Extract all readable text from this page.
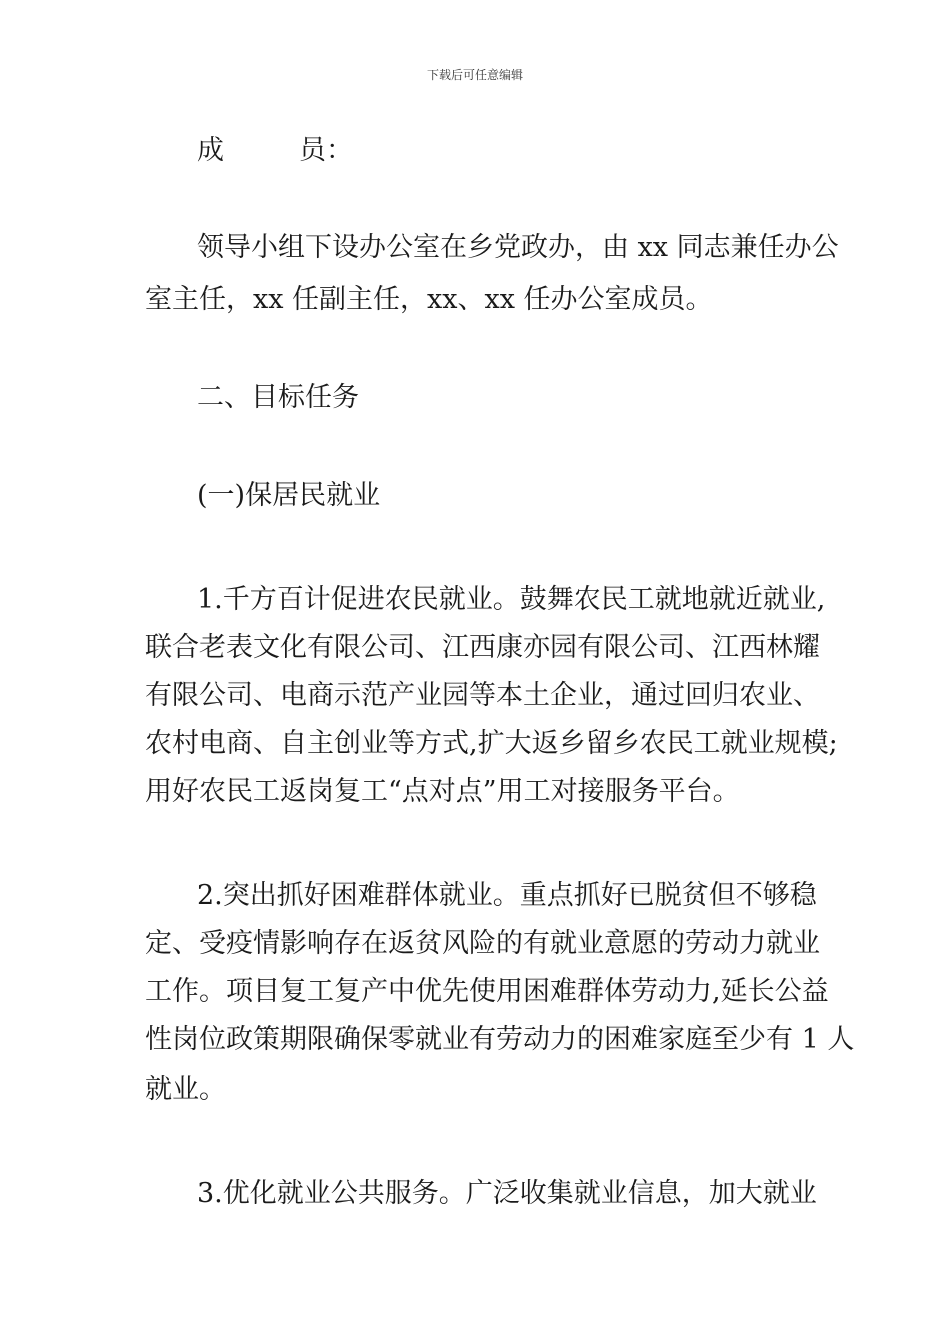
下载后可任意编辑
成	员：
领导小组下设办公室在乡党政办，由 xx 同志兼任办公
室主任，xx 任副主任，xx、xx 任办公室成员。
二、目标任务
(一)保居民就业
1.千方百计促进农民就业。鼓舞农民工就地就近就业,
联合老表文化有限公司、江西康亦园有限公司、江西林耀
有限公司、电商示范产业园等本土企业，通过回归农业、
农村电商、自主创业等方式,扩大返乡留乡农民工就业规模;
用好农民工返岗复工“点对点”用工对接服务平台。
2.突出抓好困难群体就业。重点抓好已脱贫但不够稳
定、受疫情影响存在返贫风险的有就业意愿的劳动力就业
工作。项目复工复产中优先使用困难群体劳动力,延长公益
性岗位政策期限确保零就业有劳动力的困难家庭至少有 1 人
就业。
3.优化就业公共服务。广泛收集就业信息，加大就业
